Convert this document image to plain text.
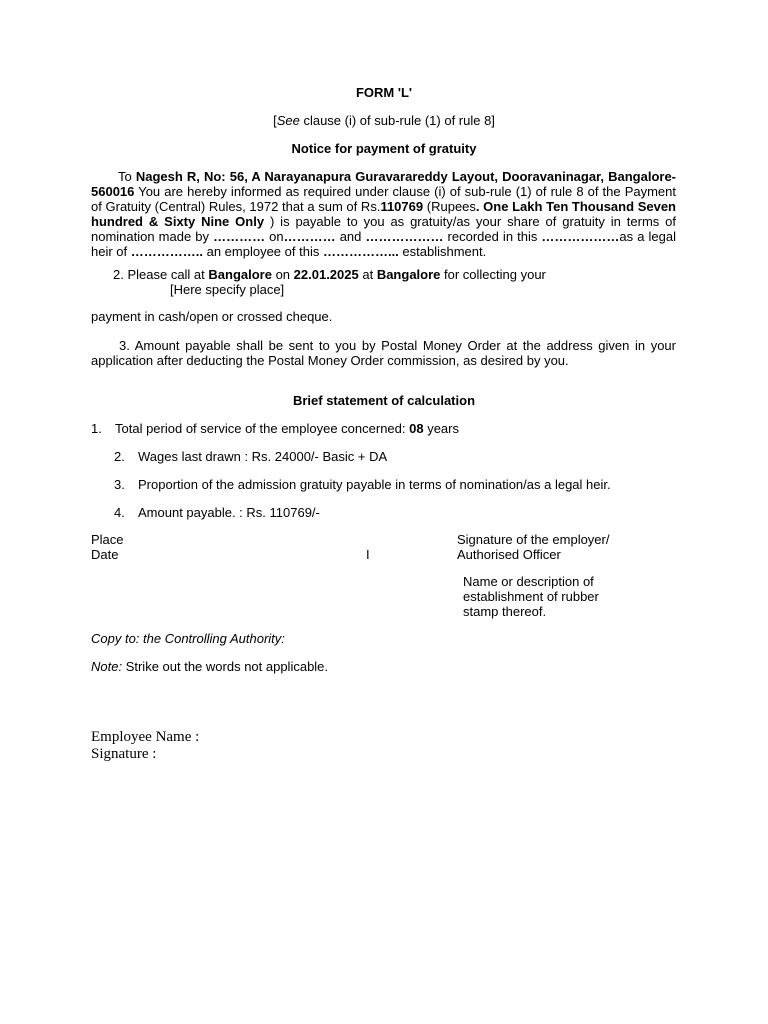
FORM 'L'
[See clause (i) of sub-rule (1) of rule 8]
Notice for payment of gratuity
To Nagesh R, No: 56, A Narayanapura Guravarareddy Layout, Dooravaninagar, Bangalore-560016 You are hereby informed as required under clause (i) of sub-rule (1) of rule 8 of the Payment of Gratuity (Central) Rules, 1972 that a sum of Rs.110769 (Rupees. One Lakh Ten Thousand Seven hundred & Sixty Nine Only ) is payable to you as gratuity/as your share of gratuity in terms of nomination made by ………… on………… and ……………… recorded in this ………………as a legal heir of …………….. an employee of this ……………... establishment.
2. Please call at Bangalore on 22.01.2025 at Bangalore for collecting your
[Here specify place]
payment in cash/open or crossed cheque.
3. Amount payable shall be sent to you by Postal Money Order at the address given in your application after deducting the Postal Money Order commission, as desired by you.
Brief statement of calculation
1. Total period of service of the employee concerned: 08 years
2. Wages last drawn : Rs. 24000/- Basic + DA
3. Proportion of the admission gratuity payable in terms of nomination/as a legal heir.
4. Amount payable. : Rs. 110769/-
Place
Date	I
Signature of the employer/
Authorised Officer
Name or description of
establishment of rubber
stamp thereof.
Copy to: the Controlling Authority:
Note: Strike out the words not applicable.
Employee Name :
Signature :
